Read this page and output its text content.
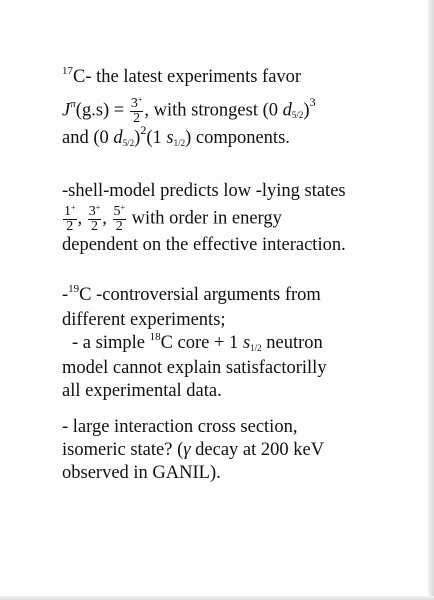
$^{17}$C- the latest experiments favor
$J^\pi(g.s) = \frac{3^+}{2}$ , with strongest (0 d5/2)$^3$
and (0 d5/2)$^2$(1 s1/2) components.
-shell-model predicts low -lying states
$\frac{1^+}{2}$ , $\frac{3^+}{2}$ , $\frac{5^+}{2}$ with order in energy
dependent on the effective interaction.
-$^{19}$C -controversial arguments from
different experiments;
- a simple $^{18}$C core + 1 s1/2 neutron
model cannot explain satisfactorilly
all experimental data.
- large interaction cross section,
isomeric state? (γ decay at 200 keV
observed in GANIL).
